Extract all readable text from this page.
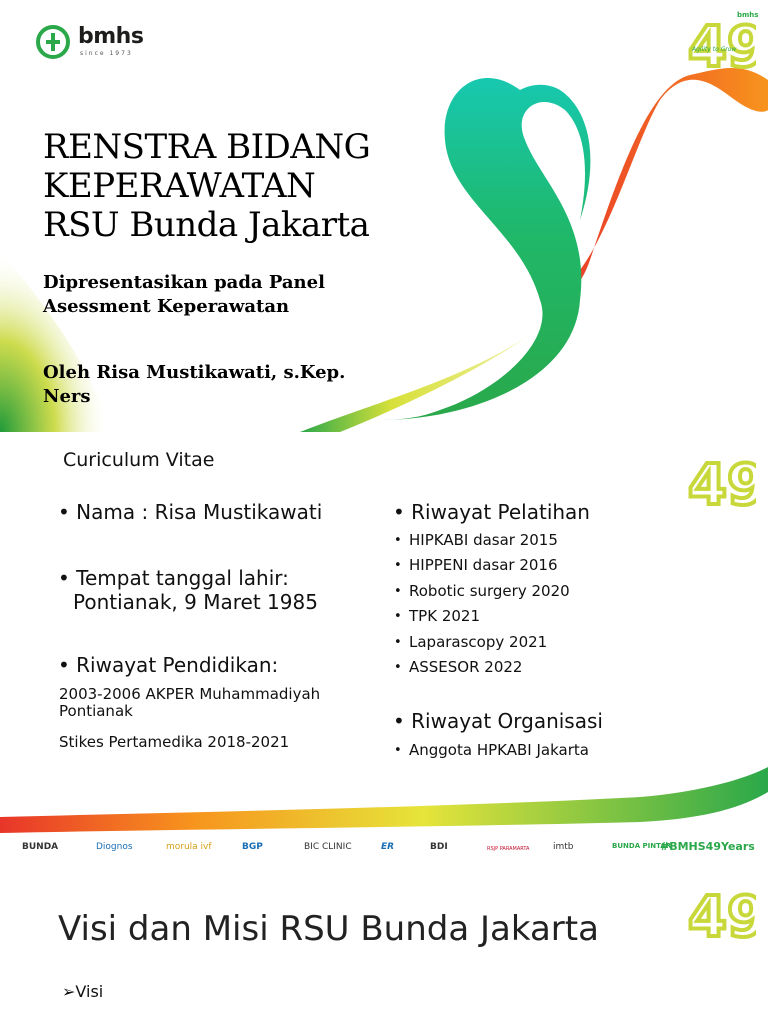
bmhs
since 1973	49
Agility to Grow
bmhs
RENSTRA BIDANG
KEPERAWATAN
RSU Bunda Jakarta
Dipresentasikan pada Panel
Asessment Keperawatan
Oleh Risa Mustikawati, s.Kep.
Ners
Curiculum Vitae	49
• Nama : Risa Mustikawati
• Tempat tanggal lahir:
Pontianak, 9 Maret 1985
• Riwayat Pendidikan:
2003-2006 AKPER Muhammadiyah
Pontianak
Stikes Pertamedika 2018-2021
• Riwayat Pelatihan
• HIPKABI dasar 2015
• HIPPENI dasar 2016
• Robotic surgery 2020
• TPK 2021
• Laparascopy 2021
• ASSESOR 2022
• Riwayat Organisasi
• Anggota HPKABI Jakarta
BUNDA	Diognos	morula ivf	BGP	BIC CLINIC	ER	BDI	RSJP PARAMARTA	imtb	BUNDA PINTAR
#BMHS49Years
49
Visi dan Misi RSU Bunda Jakarta
➢Visi
